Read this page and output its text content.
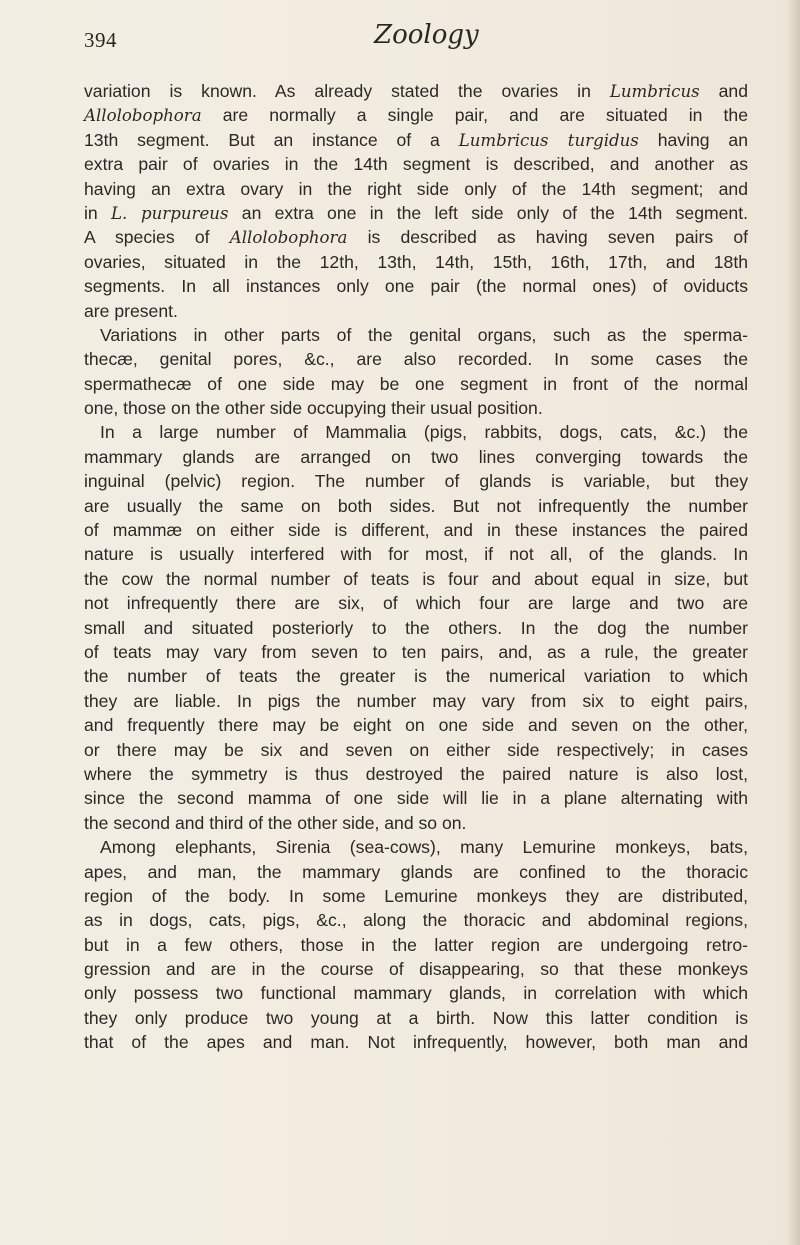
394	Zoology
variation is known. As already stated the ovaries in Lumbricus and
Allolobophora are normally a single pair, and are situated in the
13th segment. But an instance of a Lumbricus turgidus having an
extra pair of ovaries in the 14th segment is described, and another as
having an extra ovary in the right side only of the 14th segment; and
in L. purpureus an extra one in the left side only of the 14th segment.
A species of Allolobophora is described as having seven pairs of
ovaries, situated in the 12th, 13th, 14th, 15th, 16th, 17th, and 18th
segments. In all instances only one pair (the normal ones) of oviducts
are present.
Variations in other parts of the genital organs, such as the sperma-
thecæ, genital pores, &c., are also recorded. In some cases the
spermathecæ of one side may be one segment in front of the normal
one, those on the other side occupying their usual position.
In a large number of Mammalia (pigs, rabbits, dogs, cats, &c.) the
mammary glands are arranged on two lines converging towards the
inguinal (pelvic) region. The number of glands is variable, but they
are usually the same on both sides. But not infrequently the number
of mammæ on either side is different, and in these instances the paired
nature is usually interfered with for most, if not all, of the glands. In
the cow the normal number of teats is four and about equal in size, but
not infrequently there are six, of which four are large and two are
small and situated posteriorly to the others. In the dog the number
of teats may vary from seven to ten pairs, and, as a rule, the greater
the number of teats the greater is the numerical variation to which
they are liable. In pigs the number may vary from six to eight pairs,
and frequently there may be eight on one side and seven on the other,
or there may be six and seven on either side respectively; in cases
where the symmetry is thus destroyed the paired nature is also lost,
since the second mamma of one side will lie in a plane alternating with
the second and third of the other side, and so on.
Among elephants, Sirenia (sea-cows), many Lemurine monkeys, bats,
apes, and man, the mammary glands are confined to the thoracic
region of the body. In some Lemurine monkeys they are distributed,
as in dogs, cats, pigs, &c., along the thoracic and abdominal regions,
but in a few others, those in the latter region are undergoing retro-
gression and are in the course of disappearing, so that these monkeys
only possess two functional mammary glands, in correlation with which
they only produce two young at a birth. Now this latter condition is
that of the apes and man. Not infrequently, however, both man and
